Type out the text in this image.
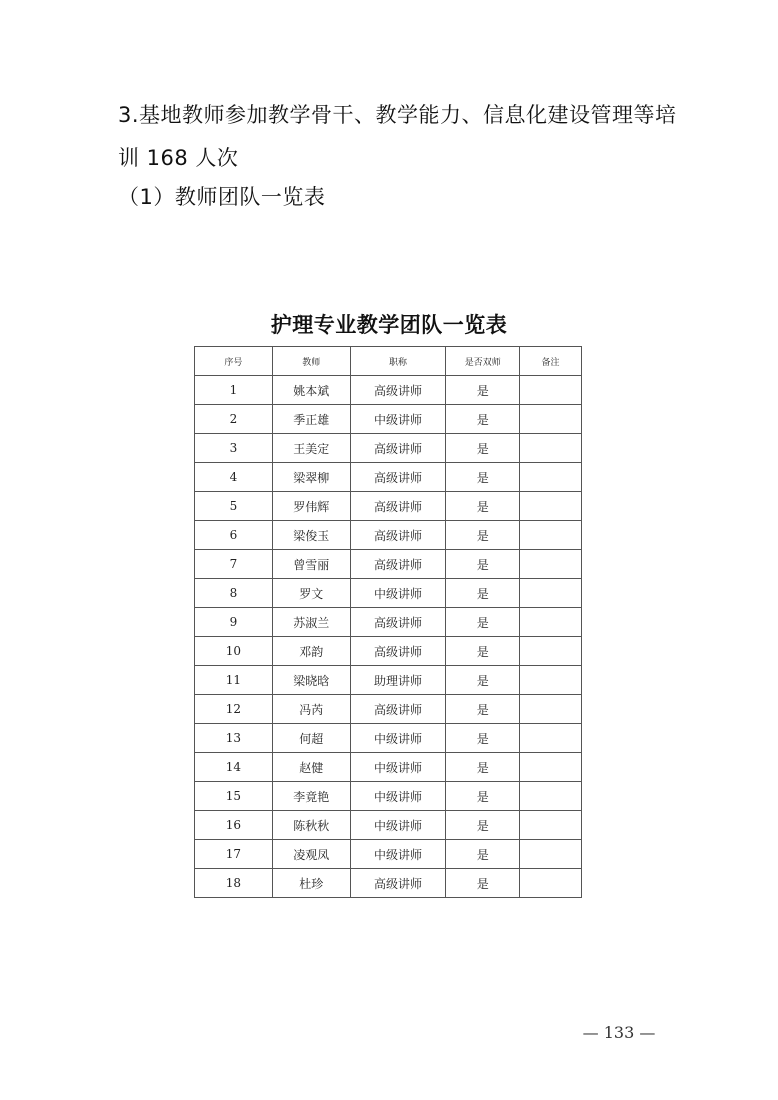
3.基地教师参加教学骨干、教学能力、信息化建设管理等培
训 168 人次
（1）教师团队一览表
护理专业教学团队一览表
序号	教师	职称	是否双师	备注
1	姚本斌	高级讲师	是	
2	季正雄	中级讲师	是	
3	王美定	高级讲师	是	
4	梁翠柳	高级讲师	是	
5	罗伟辉	高级讲师	是	
6	梁俊玉	高级讲师	是	
7	曾雪丽	高级讲师	是	
8	罗文	中级讲师	是	
9	苏淑兰	高级讲师	是	
10	邓韵	高级讲师	是	
11	梁晓晗	助理讲师	是	
12	冯芮	高级讲师	是	
13	何超	中级讲师	是	
14	赵健	中级讲师	是	
15	李竟艳	中级讲师	是	
16	陈秋秋	中级讲师	是	
17	凌观凤	中级讲师	是	
18	杜珍	高级讲师	是	
— 133 —
